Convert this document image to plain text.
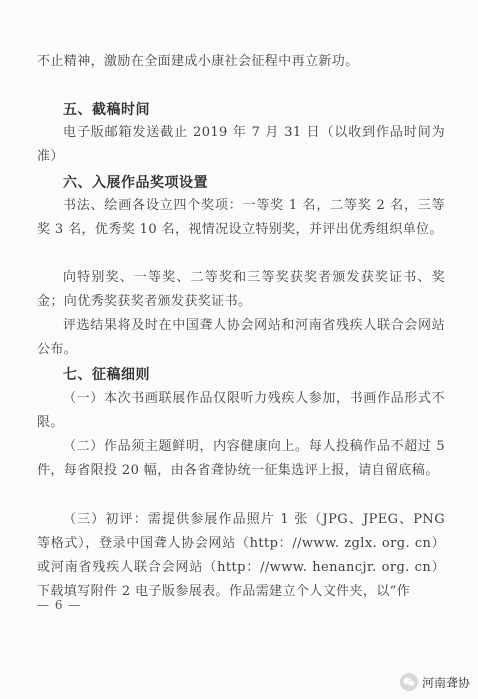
不止精神，激励在全面建成小康社会征程中再立新功。
五、截稿时间
电子版邮箱发送截止 2019 年 7 月 31 日（以收到作品时间为准）
六、入展作品奖项设置
书法、绘画各设立四个奖项：一等奖 1 名，二等奖 2 名，三等奖 3 名，优秀奖 10 名，视情况设立特别奖，并评出优秀组织单位。
向特别奖、一等奖、二等奖和三等奖获奖者颁发获奖证书、奖金；向优秀奖获奖者颁发获奖证书。
评选结果将及时在中国聋人协会网站和河南省残疾人联合会网站公布。
七、征稿细则
（一）本次书画联展作品仅限听力残疾人参加，书画作品形式不限。
（二）作品须主题鲜明，内容健康向上。每人投稿作品不超过 5 件，每省限投 20 幅，由各省聋协统一征集选评上报，请自留底稿。
（三）初评：需提供参展作品照片 1 张（JPG、JPEG、PNG 等格式），登录中国聋人协会网站（http：//www. zglx. org. cn）或河南省残疾人联合会网站（http：//www. henancjr. org. cn）下载填写附件 2 电子版参展表。作品需建立个人文件夹，以”作
— 6 —
河南聋协
